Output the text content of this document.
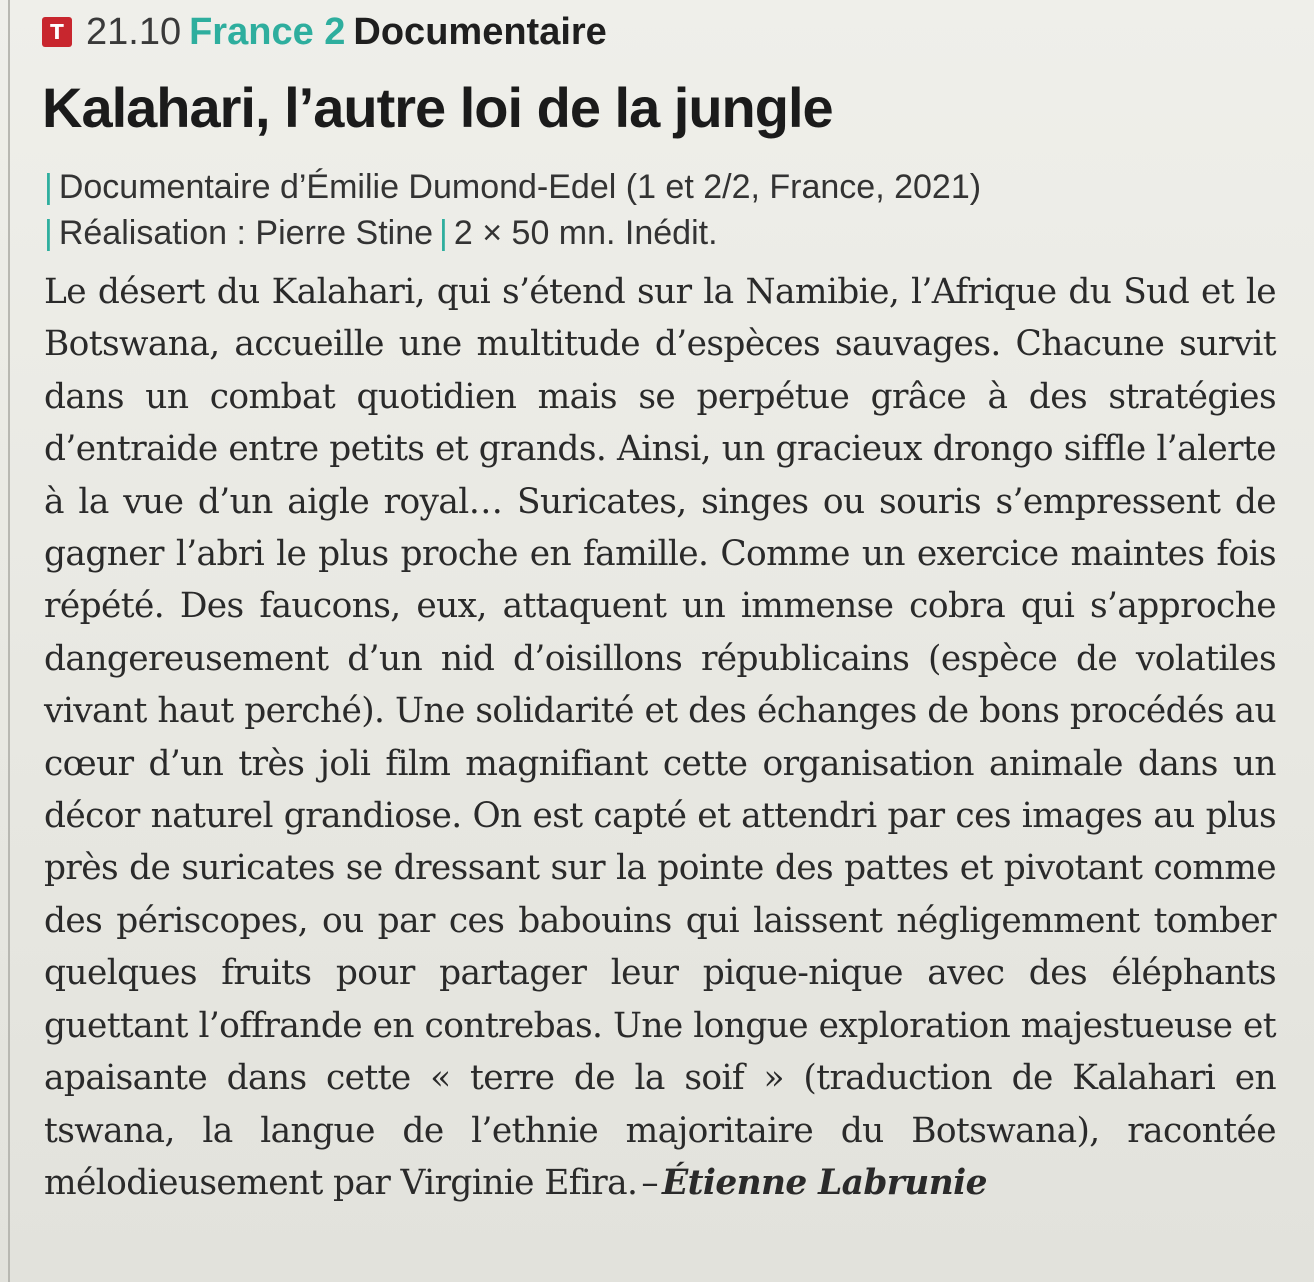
T 21.10 France 2 Documentaire
Kalahari, l’autre loi de la jungle
| Documentaire d’Émilie Dumond-Edel (1 et 2/2, France, 2021)
| Réalisation : Pierre Stine | 2 × 50 mn. Inédit.

Le désert du Kalahari, qui s’étend sur la Namibie, l’Afrique du Sud et le Botswana, accueille une multitude d’espèces sauvages. Chacune survit dans un combat quotidien mais se perpétue grâce à des stratégies d’entraide entre petits et grands. Ainsi, un gracieux drongo siffle l’alerte à la vue d’un aigle royal… Suricates, singes ou souris s’empressent de gagner l’abri le plus proche en famille. Comme un exercice maintes fois répété. Des faucons, eux, attaquent un immense cobra qui s’approche dangereusement d’un nid d’oisillons républicains (espèce de volatiles vivant haut perché). Une solidarité et des échanges de bons procédés au cœur d’un très joli film magnifiant cette organisation animale dans un décor naturel grandiose. On est capté et attendri par ces images au plus près de suricates se dressant sur la pointe des pattes et pivotant comme des périscopes, ou par ces babouins qui laissent négligemment tomber quelques fruits pour partager leur pique-nique avec des éléphants guettant l’offrande en contrebas. Une longue exploration majestueuse et apaisante dans cette « terre de la soif » (traduction de Kalahari en tswana, la langue de l’ethnie majoritaire du Botswana), racontée mélodieusement par Virginie Efira. – Étienne Labrunie
